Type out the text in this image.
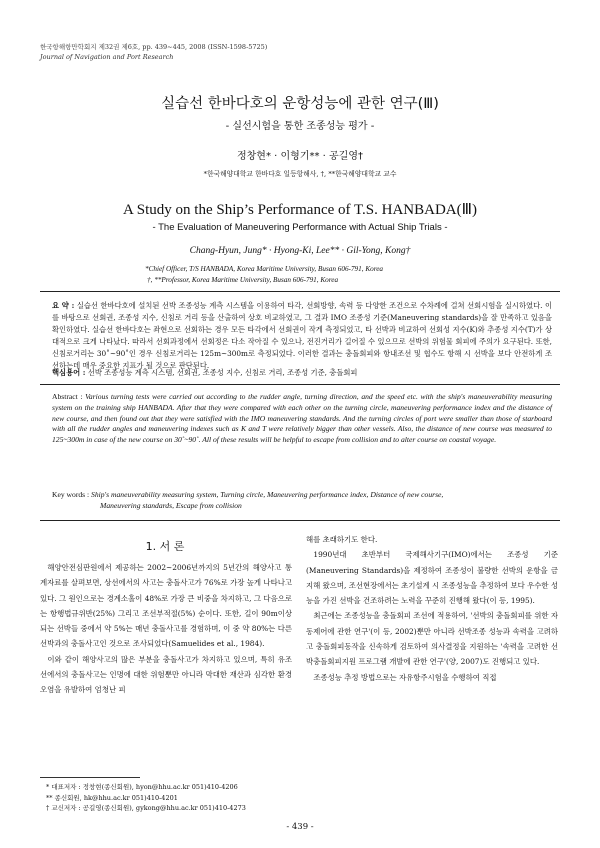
한국항해항만학회지 제32권 제6호, pp. 439~445, 2008 (ISSN-1598-5725)
Journal of Navigation and Port Research
실습선 한바다호의 운항성능에 관한 연구(Ⅲ)
- 실선시험을 통한 조종성능 평가 -
정창현* · 이형기** · 공길영†
*한국해양대학교 한바다호 일등항해사, †, **한국해양대학교 교수
A Study on the Ship’s Performance of T.S. HANBADA(Ⅲ)
- The Evaluation of Maneuvering Performance with Actual Ship Trials -
Chang-Hyun, Jung* · Hyong-Ki, Lee** · Gil-Yong, Kong†
*Chief Officer, T/S HANBADA, Korea Maritime University, Busan 606-791, Korea
†, **Professor, Korea Maritime University, Busan 606-791, Korea
요 약 : 실습선 한바다호에 설치된 선박 조종성능 계측 시스템을 이용하여 타각, 선회방향, 속력 등 다양한 조건으로 수차례에 걸쳐 선회시험을 실시하였다. 이를 바탕으로 선회권, 조종성 지수, 신침로 거리 등을 산출하여 상호 비교하였고, 그 결과 IMO 조종성 기준(Maneuvering standards)을 잘 만족하고 있음을 확인하였다. 실습선 한바다호는 좌현으로 선회하는 경우 모든 타각에서 선회권이 작게 측정되었고, 타 선박과 비교하여 선회성 지수(K)와 추종성 지수(T)가 상대적으로 크게 나타났다. 따라서 선회과정에서 선회정은 다소 작아질 수 있으나, 전진거리가 길어질 수 있으므로 선박의 위험물 회피에 주의가 요구된다. 또한, 신침로거리는 30˚~90˚인 경우 신침로거리는 125m~300m로 측정되었다. 이러한 결과는 충돌회피와 항내조선 및 협수도 항해 시 선박을 보다 안전하게 조선하는데 매우 중요한 지표가 될 것으로 판단된다.
핵심용어 : 선박 조종성능 계측 시스템, 선회권, 조종성 지수, 신침로 거리, 조종성 기준, 충돌회피
Abstract : Various turning tests were carried out according to the rudder angle, turning direction, and the speed etc. with the ship's maneuverability measuring system on the training ship HANBADA. After that they were compared with each other on the turning circle, maneuvering performance index and the distance of new course, and then found out that they were satisfied with the IMO maneuvering standards. And the turning circles of port were smaller than those of starboard with all the rudder angles and maneuvering indexes such as K and T were relatively bigger than other vessels. Also, the distance of new course was measured to 125~300m in case of the new course on 30˚~90˚. All of these results will be helpful to escape from collision and to alter course on coastal voyage.
Key words : Ship's maneuverability measuring system, Turning circle, Maneuvering performance index, Distance of new course,
Maneuvering standards, Escape from collision
1. 서 론

해양안전심판원에서 제공하는 2002~2006년까지의 5년간의 해양사고 통계자료를 살펴보면, 상선에서의 사고는 충돌사고가 76%로 가장 높게 나타나고 있다. 그 원인으로는 경계소홀이 48%로 가장 큰 비중을 차지하고, 그 다음으로는 항행법규위반(25%) 그리고 조선부적절(5%) 순이다. 또한, 길이 90m이상 되는 선박들 중에서 약 5%는 매년 충돌사고를 경험하며, 이 중 약 80%는 다른 선박과의 충돌사고인 것으로 조사되었다(Samuelides et al., 1984).

이와 같이 해양사고의 많은 부분을 충돌사고가 차지하고 있으며, 특히 유조선에서의 충돌사고는 인명에 대한 위험뿐만 아니라 막대한 재산과 심각한 환경오염을 유발하여 엄청난 피

해를 초래하기도 한다.

1990년대 초반부터 국제해사기구(IMO)에서는 조종성 기준(Maneuvering Standards)을 제정하여 조종성이 불량한 선박의 운항을 금지해 왔으며, 조선현장에서는 초기설계 시 조종성능을 추정하여 보다 우수한 성능을 가진 선박을 건조하려는 노력을 꾸준히 진행해 왔다(이 등, 1995).

최근에는 조종성능을 충돌회피 조선에 적용하여, '선박의 충돌회피를 위한 자동제어에 관한 연구'(이 등, 2002)뿐만 아니라 선박조종 성능과 속력을 고려하고 충돌회피동작을 신속하게 검토하여 의사결정을 지원하는 '속력을 고려한 선박충돌회피지원 프로그램 개발에 관한 연구'(양, 2007)도 진행되고 있다.

조종성능 추정 방법으로는 자유항주시험을 수행하여 직접

* 대표저자 : 정창현(종신회원), hyon@hhu.ac.kr 051)410-4206
** 종신회원, hk@hhu.ac.kr 051)410-4201
† 교신저자 : 공길영(종신회원), gykong@hhu.ac.kr 051)410-4273
- 439 -
